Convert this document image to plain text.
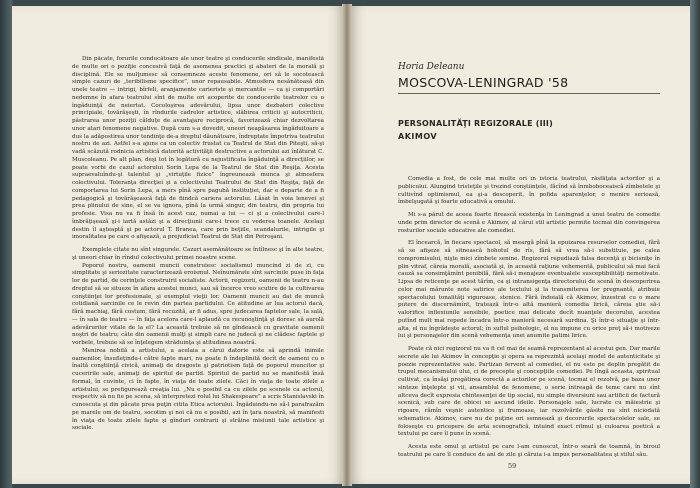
Din păcate, forurile conducătoare ale unor teatre şi conducerile sindicale, manifestă de multe ori o poziţie concesivă faţă de asemenea practici şi abateri de la morală şi disciplină. Ele se mulţumesc să consemneze aceste fenomene, ori să le socotească simple cazuri de „teribilisme specifice”, unor repausabile. Atmosfera nesănătoasă din unele teatre — intrigi, bîrfeli, aranjamente carieriste şi mercantile — ca şi comportări nedemne în afara teatrului sînt de multe ori acoperite de conducerile teatrelor cu o îngăduinţă de neiertat. Cocoloşirea adevărului, lipsa unor dezbateri colective principiale, tovărăşeşti, în rîndurile cadrelor artistice, slăbirea criticii şi autocriticii, păstrarea unor poziţii călduţe de avantajare reciprocă, favorizează chiar dezvoltarea unor atari fenomene negative. După cum s-a dovedit, uneori neapăsarea îngăduitoare a dus la adăpostirea unor tendinţe de-a dreptul dăunătoare, îndreptate împotriva teatrului nostru de azi. Astfel s-a ajuns ca un colectiv frustat ca Teatrul de Stat din Piteşti, să-şi vadă scăzută rodnicia artistică datorită activităţii destructive a actorului azi înlăturat C. Muscoleanu. Pe alt plan, deşi tot în legătură cu nejustificata îngăduinţă a direcţiilor, se poate vorbi de cazul actorului Sorin Lepa de la Teatrul de Stat din Reşiţa. Acesta supraevaluîndu-şi talentul şi „virtuţile fizice” îngreunează munca şi atmosfera colectivului. Toleranţa direcţiei şi a colectivului Teatrului de Stat din Reşiţa, faţă de comportarea lui Sorin Lepa, a mers pînă spre pagubă instituţiei, dar e departe de a fi pedagogică şi tovărăşească faţă de fiindcă cariera actorului. Lăsat în voia lenevei şi prea plinului de sine, el se va ignora, pînă la urmă singur, din teatru, din propria lui profesie. Visa nu va fi însă în acest caz, numai a lui — ci şi a colectivului care-l îmbrăţişează şi-i iartă astăzi şi a direcţiunii care-i trece cu vederea toanele. Acelaşi destin îl aşteaptă şi pe actorul T. Branea, care prin beţiile, scandalurile, intrigile şi imoralitatea pe care o afişează, a prejudiciat Teatrul de Stat din Petroşani.

Exemplele citate nu sînt singurele. Cazuri asemănătoare se întîlnesc şi în alte teatre, şi uneori chiar în rîndul colectivului primei noastre scene.

Poporul nostru, oamenii muncii construiesc socialismul muncind zi de zi, cu simplitate şi seriozitate caracterizează eroismul. Neînumărate sînt sarcinile puse în faţa lor de partid, de cerinţele construirii socialiste. Actorii, regizorii, oamenii de teatru n-au dreptul să se situeze în afara acestei munci, sau să încerce vreo scutire de la cultivarea conştiinţei lor profesionale, şi exemplul vieţii lor. Oamenii muncii au dat de muncă cotidiană sarcinile ce le revin din partea partidului. Ce atitudine ar lua actorul dacă, fără machiaj, fără costum, fără recuzită, ar fi adus, spre judecarea faptelor sale, la sală, — în sala de teatru — în faţa acelora care-l aplaudă cu recunoştinţă şi doresc să aurolă adevărurilor vitale de la el? La această trebuie să ne gîndească cu gravitate oamenii noştri de teatru; câte din oamenii mulţi şi simpli care ne judecă şi ne clădesc faptele şi vorbele, trebuie să se înţelegem străduinţa şi atitudinea noastră.

Menirea nobilă a artistului, a acelaia a cărui datorie este să aprindă inimile oamenilor, însufleţindu-i către fapte mari, nu poate fi îndeplinită decît de oameni cu o înaltă conştiinţă civică, animaţi de dragoste şi patriotism faţă de poporul muncitor şi cuceririle sale, animaţi de spiritul de partid. Spiritul de partid nu se manifestă însă formal, în cuvinte, ci în fapte, în viaţa de toate zilele. Căci în viaţa de toate zilele a artistului, se prefigurează creaţia lui. „Nu e posibil ca cu zilele pe scenele ca actorul, respectiv să nu fie pe scena, să interpretezi rolul lui Shakespeare” a scris Stanislavski în cunoscuta şi din păcate prea puţin citita Etica actorului. Îngăduindu-ne să-l parafrazăm pe marele om de teatru, socotim şi noi că nu e posibil, azi în ţara noastră, să manifesti în viaţa de toate zilele fapte şi gînduri contrarii şi străine misiunii tale artistice şi sociale.

Horia Deleanu
MOSCOVA-LENINGRAD '58
PERSONALITĂŢI REGIZORALE (III)
AKIMOV

Comedia a fost, de cele mai multe ori în istoria teatrului, răsfăţata actorilor şi a publicului. Alungind tristeţile şi trezind conştiinţele, făcînd să înmboboceaiscă zîmbetele şi cultivînd optimismul, ea şi-a descoperit, în pofida aparenţelor, o menire serioasă, îmbelşugată şi foarte educativă a omului.

Mi s-a părut de aceea foarte firească existenţa în Leningrad a unui teatru de comedie unde prim director de scenă e Akimov, al cărui stil artistic permite tocmai din convingerea rosturilor sociale educative ale comediei.

El încearcă, în fiecare spectacol, să meargă pînă la epuizarea resurselor comediei, fără să se afişeze să sitnească hohotul de rîs, fără să vrea să-i substituie, pe calea compromisului, nişte mici zîmbete senine. Regizorul repudiază falsa decenţă şi bicisniţe în plin vitraf, căreia morală, asociată şi, în această raţiune vehementă, publicului să mai facă cauză sa consimţămînt penibilă, fără să-i menajeze eventualele susceptibilităţi nemotivate. Lipsa de reticenţe pe acest tărîm, ca şi intransigenţa directorului de scenă în descoperirea celor mai mărunte note satirice ale textului şi la transmiterea lor pregnantă, atribuie spectacolului tonalităţi viguroase, stenice. Fără îndoială că Akimov, înzestrat cu o mare putere de discernămînt, tratează într-o altă manieră comedia lirică, căreia ştie să-i valorifice inflexiunile sensibile, poetice mai delicate decît nuanţele decorului, acestea putînd mult mai repede încadra într-o manieră necesară surdina. Şi într-o situaţie şi într-alta, el nu îngrădeşte actorul; în suflul psihologic, el nu impune cu orice preţ să-i motiveze lui şi personajelor din scenă vehemenţa unei anumite patimi lirice.

Poate că nici regizorul nu va fi cel mai de seamă reprezentant al acestui gen. Dar marile secrete ale lui Akimov în concepţie şi opera sa reprezintă acelaşi model de autenticitate şi poezie reprezentative sale. Partizan fervent al comediei, el nu este pe deplin pregătit de trupul mecanismului ului, ci de precepte şi concepţiile comediei. Pe lîngă aceasta, spiritual cultivat, ca însăşi pregătirea corectă a actorilor pe scenă, tocmai el rezolvă, pe baza unor sinteze înţelepte şi vii, ansamblul de fenomene, o serie întreagă de teme care nu sînt altceva decît expresia chintesenţei de tip social, nu simple diversiuni sau artificii de factură scenică, sub care de obicei se ascund ideile. Personajele sale, lucrate cu măiestrie şi rigoare, rămîn veşnic autentice şi frumoase, iar rezolvările găsite nu sînt niciodată schematice. Akimov, care nu de puţine ori semnează şi decorurile spectacolelor sale, se foloseşte cu pricepere de arta scenografică, intuind exact ritmul şi culoarea poetică a textului pe care îl pune în scenă.

Acesta este omul şi artistul pe care l-am cunoscut, într-o seară de toamnă, în biroul teatrului pe care îl conduce de ani de zile şi căruia i-a impus personalitatea şi stilul său.

59
